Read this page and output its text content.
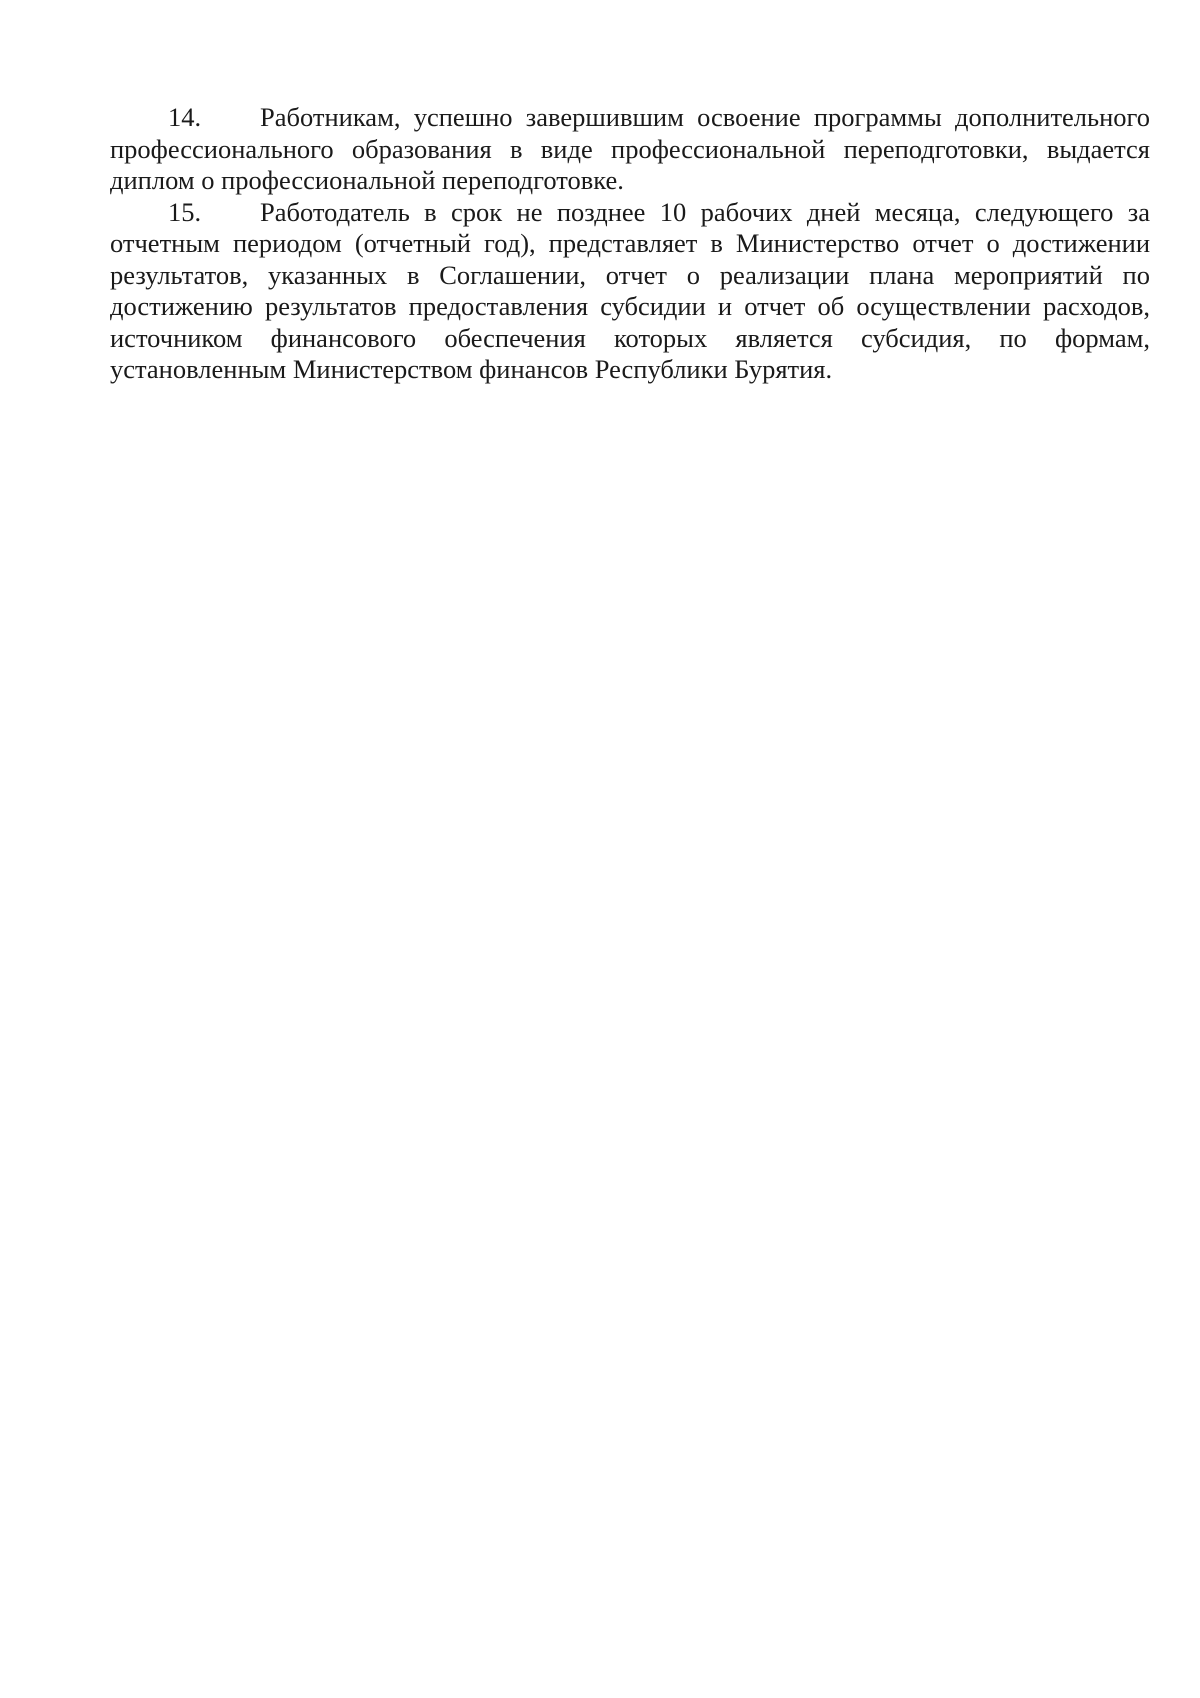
14. Работникам, успешно завершившим освоение программы дополнительного профессионального образования в виде профессиональной переподготовки, выдается диплом о профессиональной переподготовке.

15. Работодатель в срок не позднее 10 рабочих дней месяца, следующего за отчетным периодом (отчетный год), представляет в Министерство отчет о достижении результатов, указанных в Соглашении, отчет о реализации плана мероприятий по достижению результатов предоставления субсидии и отчет об осуществлении расходов, источником финансового обеспечения которых является субсидия, по формам, установленным Министерством финансов Республики Бурятия.
